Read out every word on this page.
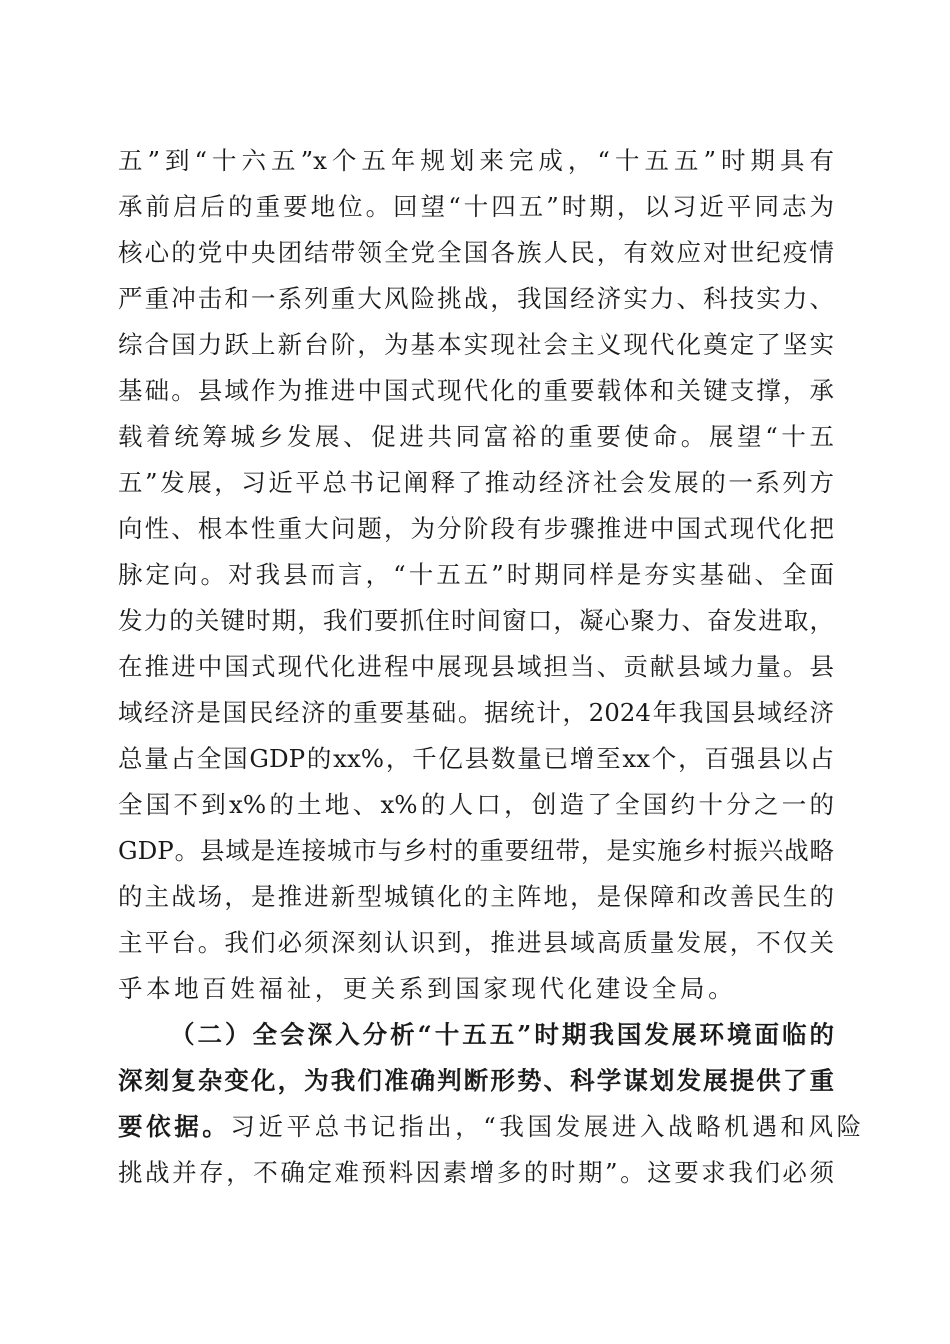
五”到“十六五”x个五年规划来完成，“十五五”时期具有
承前启后的重要地位。回望“十四五”时期，以习近平同志为
核心的党中央团结带领全党全国各族人民，有效应对世纪疫情
严重冲击和一系列重大风险挑战，我国经济实力、科技实力、
综合国力跃上新台阶，为基本实现社会主义现代化奠定了坚实
基础。县域作为推进中国式现代化的重要载体和关键支撑，承
载着统筹城乡发展、促进共同富裕的重要使命。展望“十五
五”发展，习近平总书记阐释了推动经济社会发展的一系列方
向性、根本性重大问题，为分阶段有步骤推进中国式现代化把
脉定向。对我县而言，“十五五”时期同样是夯实基础、全面
发力的关键时期，我们要抓住时间窗口，凝心聚力、奋发进取，
在推进中国式现代化进程中展现县域担当、贡献县域力量。县
域经济是国民经济的重要基础。据统计，2024年我国县域经济
总量占全国GDP的xx%，千亿县数量已增至xx个，百强县以占
全国不到x%的土地、x%的人口，创造了全国约十分之一的
GDP。县域是连接城市与乡村的重要纽带，是实施乡村振兴战略
的主战场，是推进新型城镇化的主阵地，是保障和改善民生的
主平台。我们必须深刻认识到，推进县域高质量发展，不仅关
乎本地百姓福祉，更关系到国家现代化建设全局。
（二）全会深入分析“十五五”时期我国发展环境面临的
深刻复杂变化，为我们准确判断形势、科学谋划发展提供了重
要依据。习近平总书记指出，“我国发展进入战略机遇和风险
挑战并存，不确定难预料因素增多的时期”。这要求我们必须
